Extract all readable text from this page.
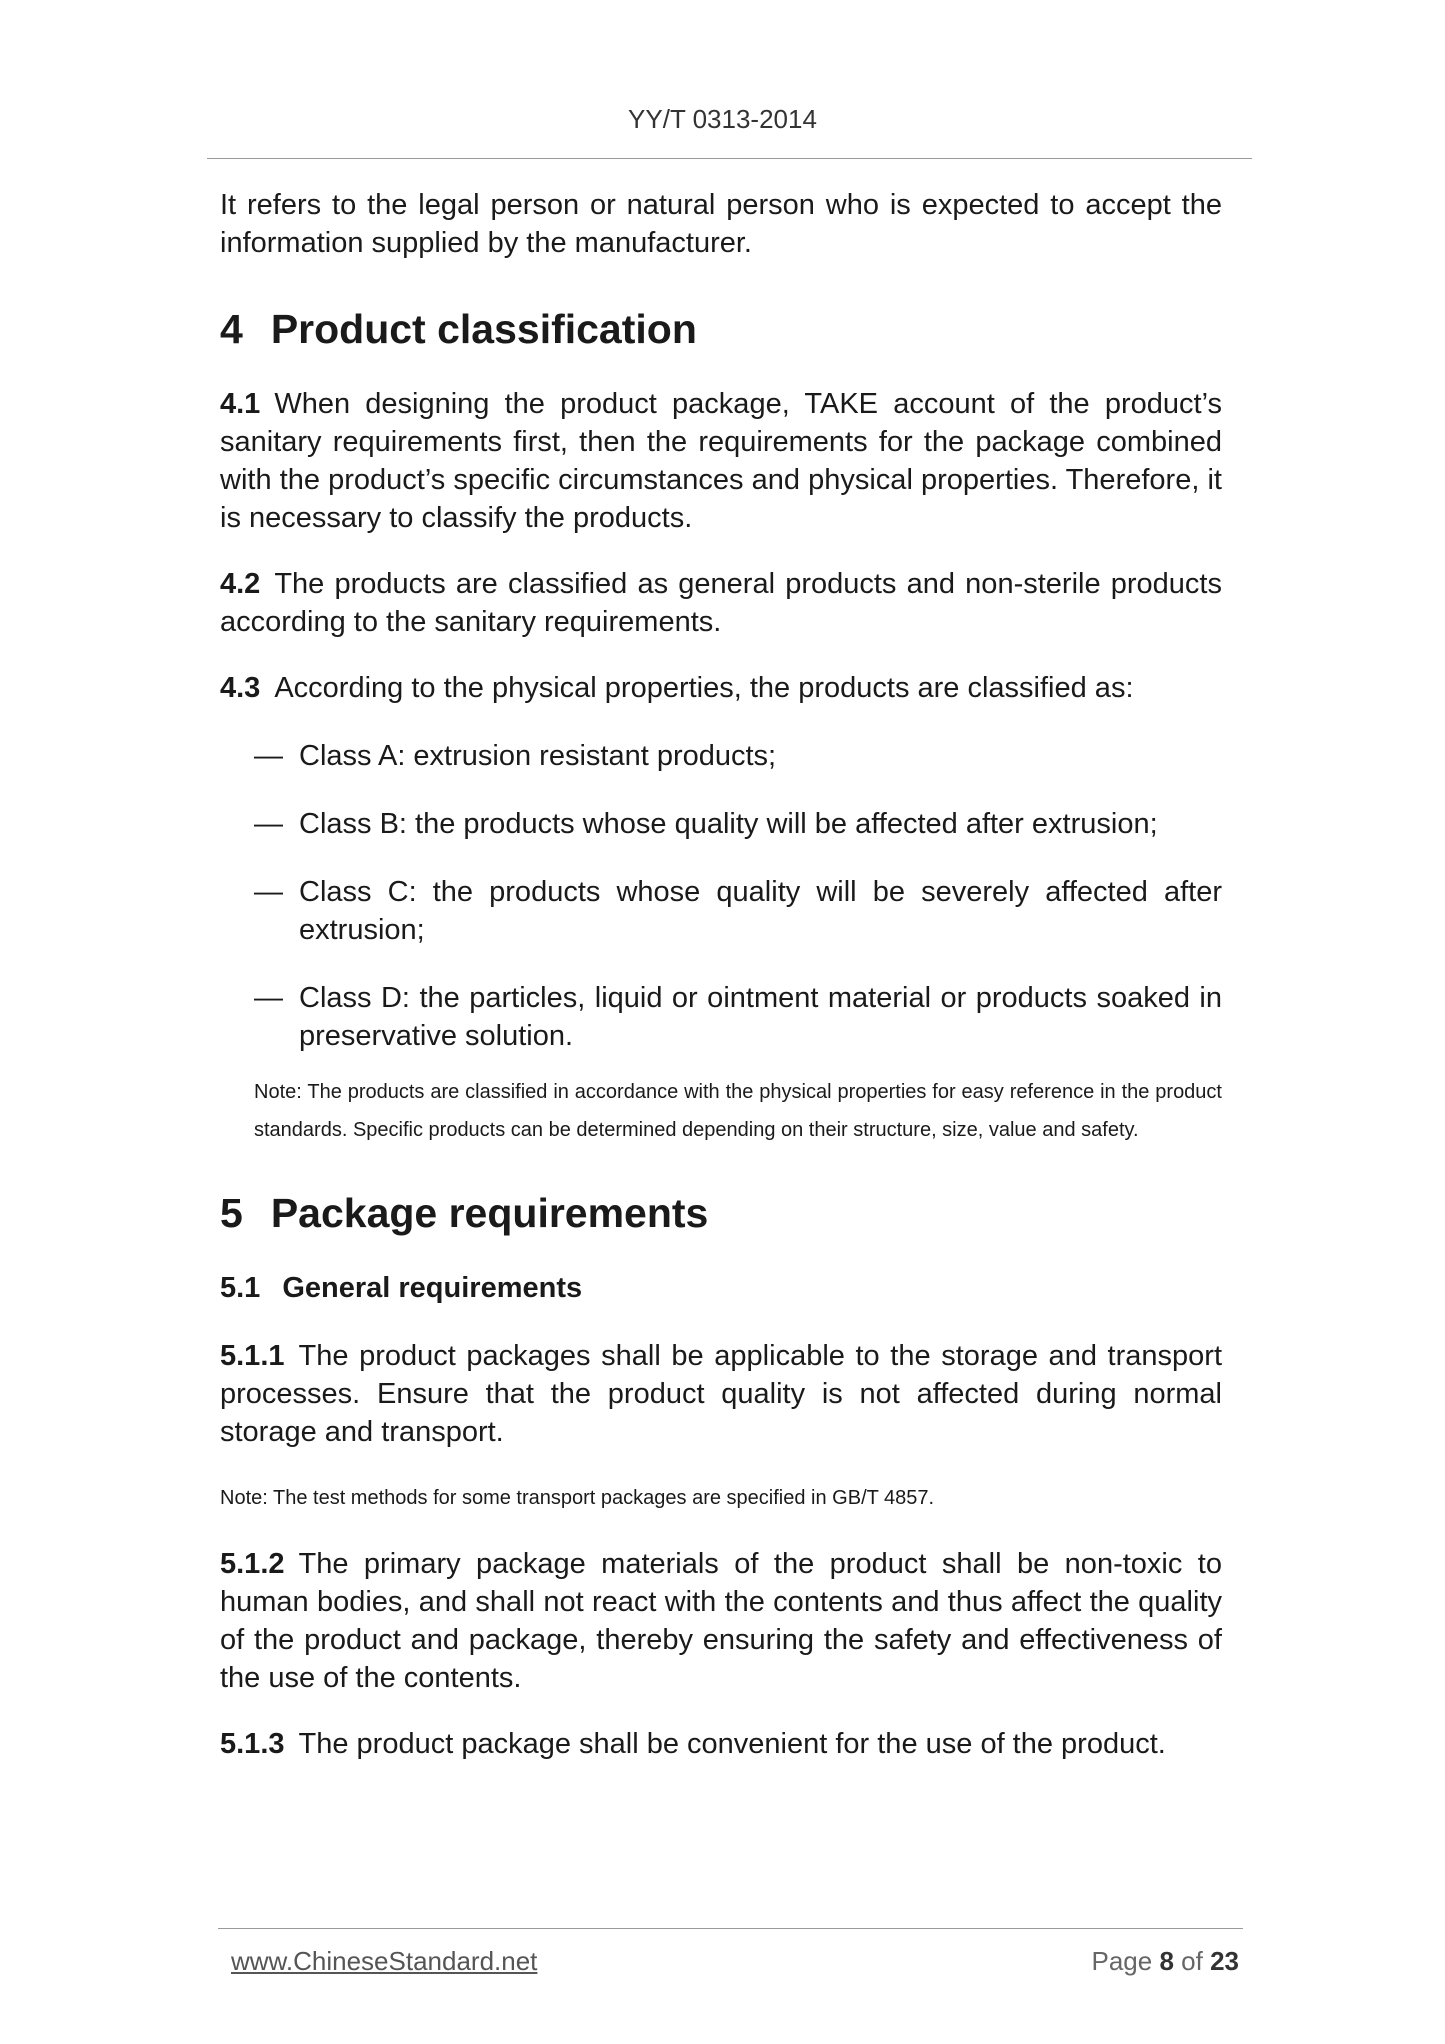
YY/T 0313-2014

It refers to the legal person or natural person who is expected to accept the information supplied by the manufacturer.

4 Product classification

4.1 When designing the product package, TAKE account of the product’s sanitary requirements first, then the requirements for the package combined with the product’s specific circumstances and physical properties. Therefore, it is necessary to classify the products.

4.2 The products are classified as general products and non-sterile products according to the sanitary requirements.

4.3 According to the physical properties, the products are classified as:

— Class A: extrusion resistant products;
— Class B: the products whose quality will be affected after extrusion;
— Class C: the products whose quality will be severely affected after extrusion;
— Class D: the particles, liquid or ointment material or products soaked in preservative solution.

Note: The products are classified in accordance with the physical properties for easy reference in the product standards. Specific products can be determined depending on their structure, size, value and safety.

5 Package requirements
5.1 General requirements

5.1.1 The product packages shall be applicable to the storage and transport processes. Ensure that the product quality is not affected during normal storage and transport.

Note: The test methods for some transport packages are specified in GB/T 4857.

5.1.2 The primary package materials of the product shall be non-toxic to human bodies, and shall not react with the contents and thus affect the quality of the product and package, thereby ensuring the safety and effectiveness of the use of the contents.

5.1.3 The product package shall be convenient for the use of the product.

www.ChineseStandard.net	Page 8 of 23
